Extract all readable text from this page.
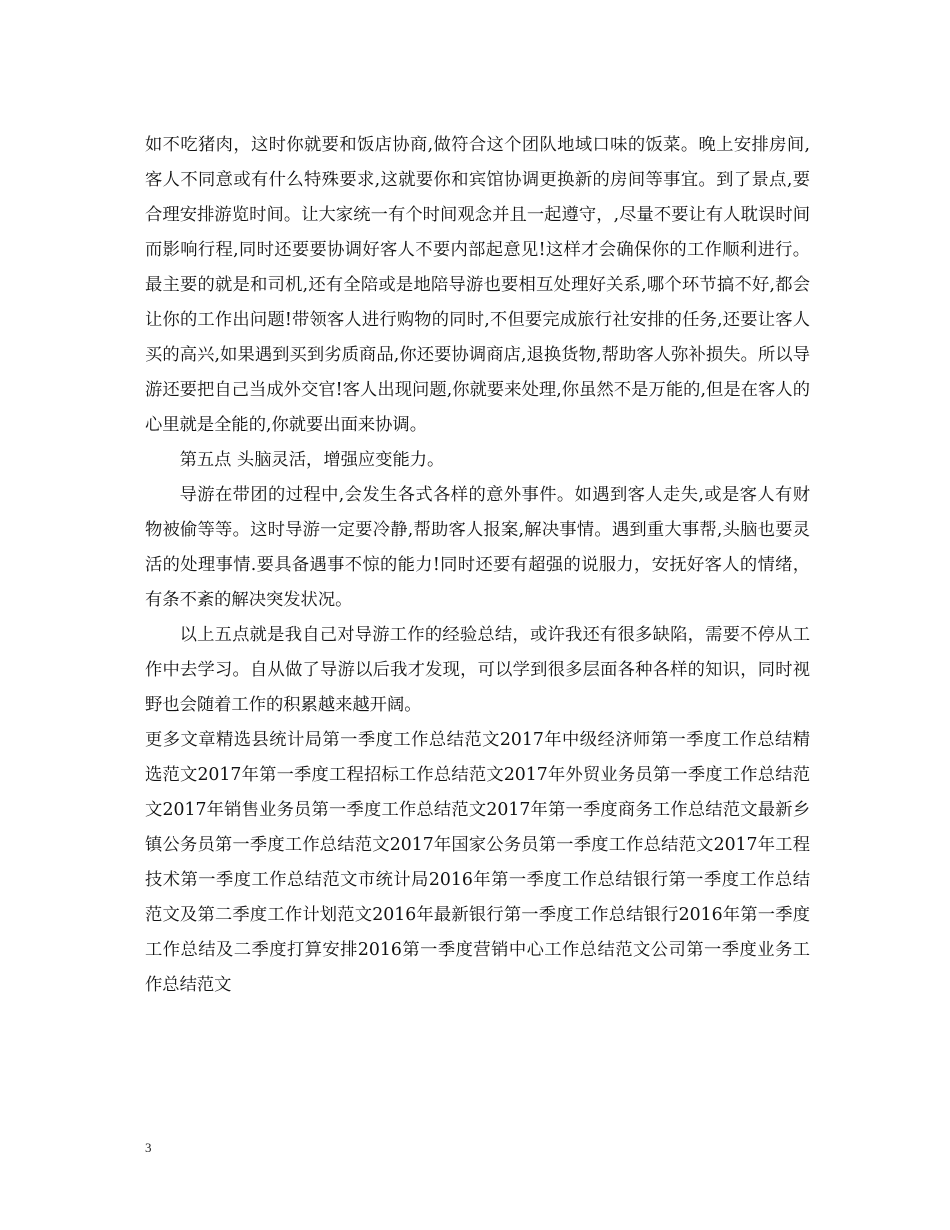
如不吃猪肉，这时你就要和饭店协商,做符合这个团队地域口味的饭菜。晚上安排房间,客人不同意或有什么特殊要求,这就要你和宾馆协调更换新的房间等事宜。到了景点,要合理安排游览时间。让大家统一有个时间观念并且一起遵守，,尽量不要让有人耽误时间而影响行程,同时还要要协调好客人不要内部起意见!这样才会确保你的工作顺利进行。最主要的就是和司机,还有全陪或是地陪导游也要相互处理好关系,哪个环节搞不好,都会让你的工作出问题!带领客人进行购物的同时,不但要完成旅行社安排的任务,还要让客人买的高兴,如果遇到买到劣质商品,你还要协调商店,退换货物,帮助客人弥补损失。所以导游还要把自己当成外交官!客人出现问题,你就要来处理,你虽然不是万能的,但是在客人的心里就是全能的,你就要出面来协调。

第五点 头脑灵活，增强应变能力。

导游在带团的过程中,会发生各式各样的意外事件。如遇到客人走失,或是客人有财物被偷等等。这时导游一定要冷静,帮助客人报案,解决事情。遇到重大事帮,头脑也要灵活的处理事情.要具备遇事不惊的能力!同时还要有超强的说服力，安抚好客人的情绪，有条不紊的解决突发状况。

以上五点就是我自己对导游工作的经验总结，或许我还有很多缺陷，需要不停从工作中去学习。自从做了导游以后我才发现，可以学到很多层面各种各样的知识，同时视野也会随着工作的积累越来越开阔。

更多文章精选县统计局第一季度工作总结范文2017年中级经济师第一季度工作总结精选范文2017年第一季度工程招标工作总结范文2017年外贸业务员第一季度工作总结范文2017年销售业务员第一季度工作总结范文2017年第一季度商务工作总结范文最新乡镇公务员第一季度工作总结范文2017年国家公务员第一季度工作总结范文2017年工程技术第一季度工作总结范文市统计局2016年第一季度工作总结银行第一季度工作总结范文及第二季度工作计划范文2016年最新银行第一季度工作总结银行2016年第一季度工作总结及二季度打算安排2016第一季度营销中心工作总结范文公司第一季度业务工作总结范文

3
